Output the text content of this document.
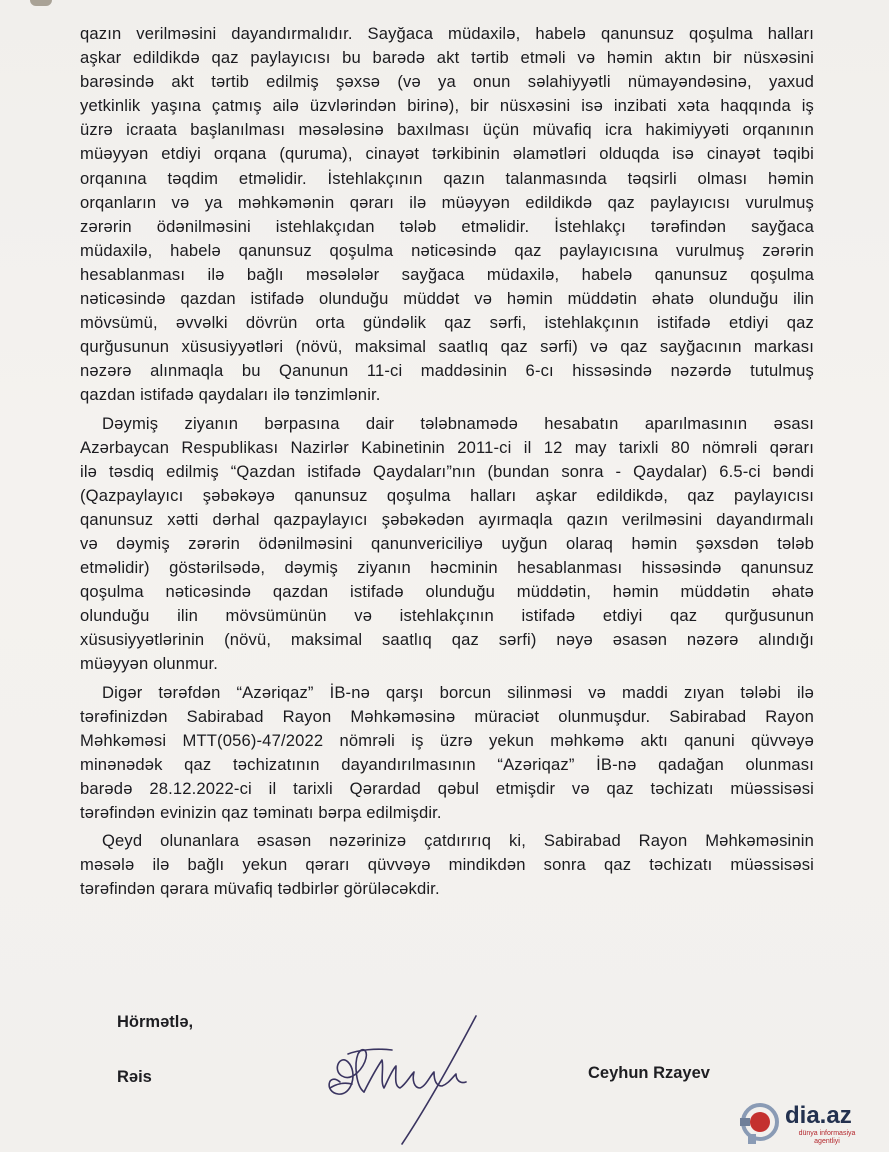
qazın verilməsini dayandırmalıdır. Sayğaca müdaxilə, habelə qanunsuz qoşulma halları
aşkar edildikdə qaz paylayıcısı bu barədə akt tərtib etməli və həmin aktın bir nüsxəsini
barəsində akt tərtib edilmiş şəxsə (və ya onun səlahiyyətli nümayəndəsinə, yaxud
yetkinlik yaşına çatmış ailə üzvlərindən birinə), bir nüsxəsini isə inzibati xəta haqqında iş
üzrə icraata başlanılması məsələsinə baxılması üçün müvafiq icra hakimiyyəti orqanının
müəyyən etdiyi orqana (quruma), cinayət tərkibinin əlamətləri olduqda isə cinayət təqibi
orqanına təqdim etməlidir. İstehlakçının qazın talanmasında təqsirli olması həmin
orqanların və ya məhkəmənin qərarı ilə müəyyən edildikdə qaz paylayıcısı vurulmuş
zərərin ödənilməsini istehlakçıdan tələb etməlidir. İstehlakçı tərəfindən sayğaca
müdaxilə, habelə qanunsuz qoşulma nəticəsində qaz paylayıcısına vurulmuş zərərin
hesablanması ilə bağlı məsələlər sayğaca müdaxilə, habelə qanunsuz qoşulma
nəticəsində qazdan istifadə olunduğu müddət və həmin müddətin əhatə olunduğu ilin
mövsümü, əvvəlki dövrün orta gündəlik qaz sərfi, istehlakçının istifadə etdiyi qaz
qurğusunun xüsusiyyətləri (növü, maksimal saatlıq qaz sərfi) və qaz sayğacının markası
nəzərə alınmaqla bu Qanunun 11-ci maddəsinin 6-cı hissəsində nəzərdə tutulmuş
qazdan istifadə qaydaları ilə tənzimlənir.
Dəymiş ziyanın bərpasına dair tələbnamədə hesabatın aparılmasının əsası
Azərbaycan Respublikası Nazirlər Kabinetinin 2011-ci il 12 may tarixli 80 nömrəli qərarı
ilə təsdiq edilmiş “Qazdan istifadə Qaydaları”nın (bundan sonra - Qaydalar) 6.5-ci bəndi
(Qazpaylayıcı şəbəkəyə qanunsuz qoşulma halları aşkar edildikdə, qaz paylayıcısı
qanunsuz xətti dərhal qazpaylayıcı şəbəkədən ayırmaqla qazın verilməsini dayandırmalı
və dəymiş zərərin ödənilməsini qanunvericiliyə uyğun olaraq həmin şəxsdən tələb
etməlidir) göstərilsədə, dəymiş ziyanın həcminin hesablanması hissəsində qanunsuz
qoşulma nəticəsində qazdan istifadə olunduğu müddətin, həmin müddətin əhatə
olunduğu ilin mövsümünün və istehlakçının istifadə etdiyi qaz qurğusunun
xüsusiyyətlərinin (növü, maksimal saatlıq qaz sərfi) nəyə əsasən nəzərə alındığı
müəyyən olunmur.
Digər tərəfdən “Azəriqaz” İB-nə qarşı borcun silinməsi və maddi zıyan tələbi ilə
tərəfinizdən Sabirabad Rayon Məhkəməsinə müraciət olunmuşdur. Sabirabad Rayon
Məhkəməsi MTT(056)-47/2022 nömrəli iş üzrə yekun məhkəmə aktı qanuni qüvvəyə
minənədək qaz təchizatının dayandırılmasının “Azəriqaz” İB-nə qadağan olunması
barədə 28.12.2022-ci il tarixli Qərardad qəbul etmişdir və qaz təchizatı müəssisəsi
tərəfindən evinizin qaz təminatı bərpa edilmişdir.
Qeyd olunanlara əsasən nəzərinizə çatdırırıq ki, Sabirabad Rayon Məhkəməsinin
məsələ ilə bağlı yekun qərarı qüvvəyə mindikdən sonra qaz təchizatı müəssisəsi
tərəfindən qərara müvafiq tədbirlər görüləcəkdir.
Hörmətlə,
Rəis	Ceyhun Rzayev
dia.az
dünya informasiya
agentliyi
